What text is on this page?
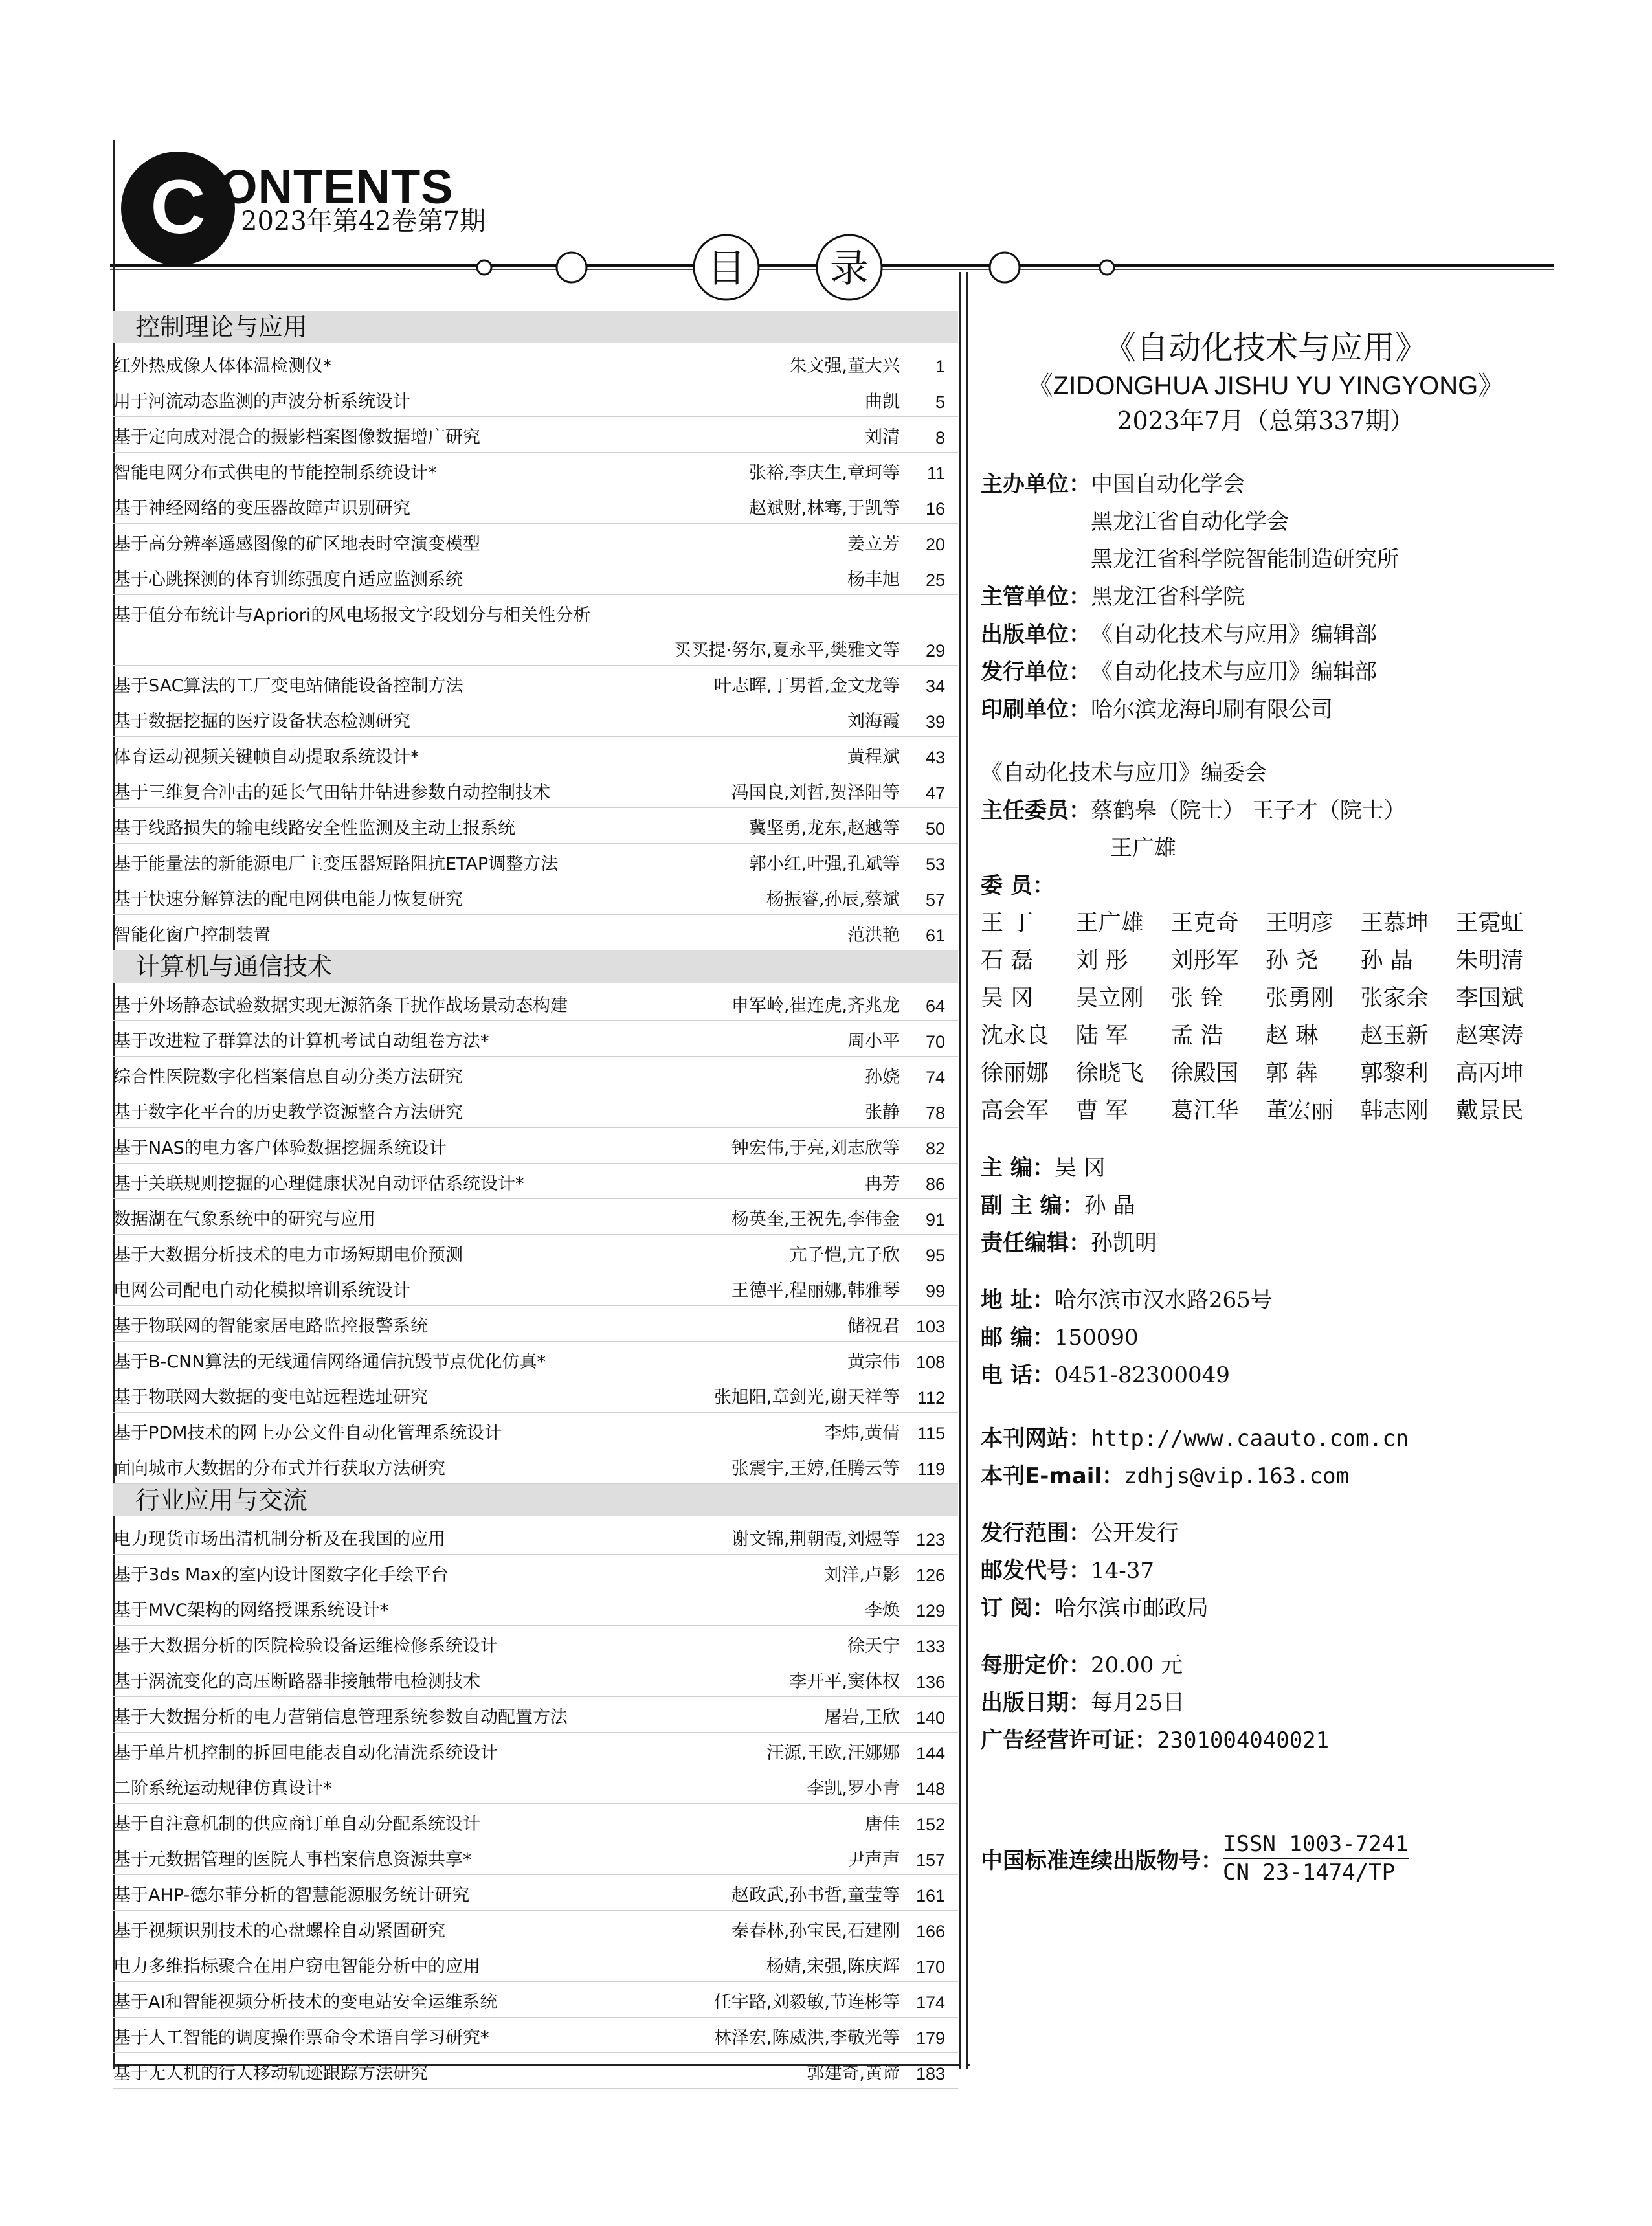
C ONTENTS
2023年第42卷第7期
目	录
控制理论与应用
红外热成像人体体温检测仪*	朱文强,董大兴	1
用于河流动态监测的声波分析系统设计	曲凯	5
基于定向成对混合的摄影档案图像数据增广研究	刘清	8
智能电网分布式供电的节能控制系统设计*	张裕,李庆生,章珂等	11
基于神经网络的变压器故障声识别研究	赵斌财,林骞,于凯等	16
基于高分辨率遥感图像的矿区地表时空演变模型	姜立芳	20
基于心跳探测的体育训练强度自适应监测系统	杨丰旭	25
基于值分布统计与Apriori的风电场报文字段划分与相关性分析
买买提·努尔,夏永平,樊雅文等	29
基于SAC算法的工厂变电站储能设备控制方法	叶志晖,丁男哲,金文龙等	34
基于数据挖掘的医疗设备状态检测研究	刘海霞	39
体育运动视频关键帧自动提取系统设计*	黄程斌	43
基于三维复合冲击的延长气田钻井钻进参数自动控制技术	冯国良,刘哲,贺泽阳等	47
基于线路损失的输电线路安全性监测及主动上报系统	冀坚勇,龙东,赵越等	50
基于能量法的新能源电厂主变压器短路阻抗ETAP调整方法	郭小红,叶强,孔斌等	53
基于快速分解算法的配电网供电能力恢复研究	杨振睿,孙辰,蔡斌	57
智能化窗户控制装置	范洪艳	61
计算机与通信技术
基于外场静态试验数据实现无源箔条干扰作战场景动态构建	申军岭,崔连虎,齐兆龙	64
基于改进粒子群算法的计算机考试自动组卷方法*	周小平	70
综合性医院数字化档案信息自动分类方法研究	孙娆	74
基于数字化平台的历史教学资源整合方法研究	张静	78
基于NAS的电力客户体验数据挖掘系统设计	钟宏伟,于亮,刘志欣等	82
基于关联规则挖掘的心理健康状况自动评估系统设计*	冉芳	86
数据湖在气象系统中的研究与应用	杨英奎,王祝先,李伟金	91
基于大数据分析技术的电力市场短期电价预测	亢子恺,亢子欣	95
电网公司配电自动化模拟培训系统设计	王德平,程丽娜,韩雅琴	99
基于物联网的智能家居电路监控报警系统	储祝君 103
基于B-CNN算法的无线通信网络通信抗毁节点优化仿真*	黄宗伟 108
基于物联网大数据的变电站远程选址研究	张旭阳,章剑光,谢天祥等 112
基于PDM技术的网上办公文件自动化管理系统设计	李炜,黄倩 115
面向城市大数据的分布式并行获取方法研究	张震宇,王婷,任腾云等 119
行业应用与交流
电力现货市场出清机制分析及在我国的应用	谢文锦,荆朝霞,刘煜等 123
基于3ds Max的室内设计图数字化手绘平台	刘洋,卢影 126
基于MVC架构的网络授课系统设计*	李焕 129
基于大数据分析的医院检验设备运维检修系统设计	徐天宁 133
基于涡流变化的高压断路器非接触带电检测技术	李开平,窦体权 136
基于大数据分析的电力营销信息管理系统参数自动配置方法	屠岩,王欣 140
基于单片机控制的拆回电能表自动化清洗系统设计	汪源,王欧,汪娜娜 144
二阶系统运动规律仿真设计*	李凯,罗小青 148
基于自注意机制的供应商订单自动分配系统设计	唐佳 152
基于元数据管理的医院人事档案信息资源共享*	尹声声 157
基于AHP-德尔菲分析的智慧能源服务统计研究	赵政武,孙书哲,童莹等 161
基于视频识别技术的心盘螺栓自动紧固研究	秦春林,孙宝民,石建刚 166
电力多维指标聚合在用户窃电智能分析中的应用	杨婧,宋强,陈庆辉 170
基于AI和智能视频分析技术的变电站安全运维系统	任宇路,刘毅敏,节连彬等 174
基于人工智能的调度操作票命令术语自学习研究*	林泽宏,陈威洪,李敬光等 179
基于无人机的行人移动轨迹跟踪方法研究	郭建奇,黄谛 183
《自动化技术与应用》
《ZIDONGHUA JISHU YU YINGYONG》
2023年7月（总第337期）
主办单位： 中国自动化学会
黑龙江省自动化学会
黑龙江省科学院智能制造研究所
主管单位： 黑龙江省科学院
出版单位： 《自动化技术与应用》编辑部
发行单位： 《自动化技术与应用》编辑部
印刷单位： 哈尔滨龙海印刷有限公司
《自动化技术与应用》编委会
主任委员： 蔡鹤皋（院士） 王子才（院士）
王广雄
委 员：
王 丁	王广雄	王克奇	王明彦	王慕坤	王霓虹
石 磊	刘 彤	刘彤军	孙 尧	孙 晶	朱明清
吴 冈	吴立刚	张 铨	张勇刚	张家余	李国斌
沈永良	陆 军	孟 浩	赵 琳	赵玉新	赵寒涛
徐丽娜	徐晓飞	徐殿国	郭 犇	郭黎利	高丙坤
高会军	曹 军	葛江华	董宏丽	韩志刚	戴景民
主 编： 吴 冈
副 主 编： 孙 晶
责任编辑： 孙凯明
地 址： 哈尔滨市汉水路265号
邮 编： 150090
电 话： 0451-82300049
本刊网站： http://www.caauto.com.cn
本刊E-mail： zdhjs@vip.163.com
发行范围： 公开发行
邮发代号： 14-37
订 阅： 哈尔滨市邮政局
每册定价： 20.00 元
出版日期： 每月25日
广告经营许可证： 2301004040021
中国标准连续出版物号：
ISSN 1003-7241
CN 23-1474/TP
